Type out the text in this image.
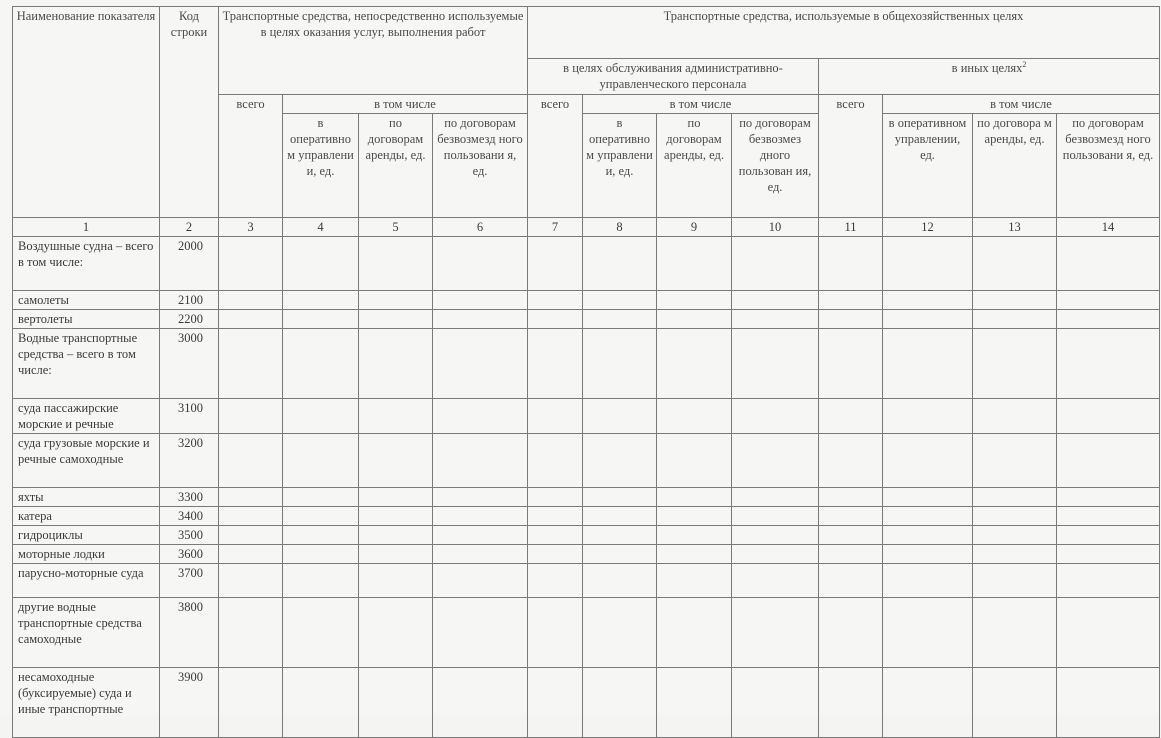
Наименование показателя	Код строки	Транспортные средства, непосредственно используемые в целях оказания услуг, выполнения работ				Транспортные средства, используемые в общехозяйственных целях							
						в целях обслуживания административно-управленческого персонала				в иных целях$^2$
		всего	в том числе			всего	в том числе			всего	в том числе		
			в оперативно м управлени и, ед.	по договорам аренды, ед.	по договорам безвозмезд ного пользовани я, ед.		в оперативно м управлени и, ед.	по договорам аренды, ед.	по договорам безвозмез дного пользован ия, ед.		в оперативном управлении, ед.	по договора м аренды, ед.	по договорам безвозмезд ного пользовани я, ед.
1	2	3	4	5	6	7	8	9	10	11	12	13	14
Воздушные судна – всего в том числе:	2000												
самолеты	2100												
вертолеты	2200												
Водные транспортные средства – всего в том числе:	3000												
суда пассажирские морские и речные	3100												
суда грузовые морские и речные самоходные	3200												
яхты	3300												
катера	3400												
гидроциклы	3500												
моторные лодки	3600												
парусно-моторные суда	3700												
другие водные транспортные средства самоходные	3800												
несамоходные (буксируемые) суда и иные транспортные	3900												
